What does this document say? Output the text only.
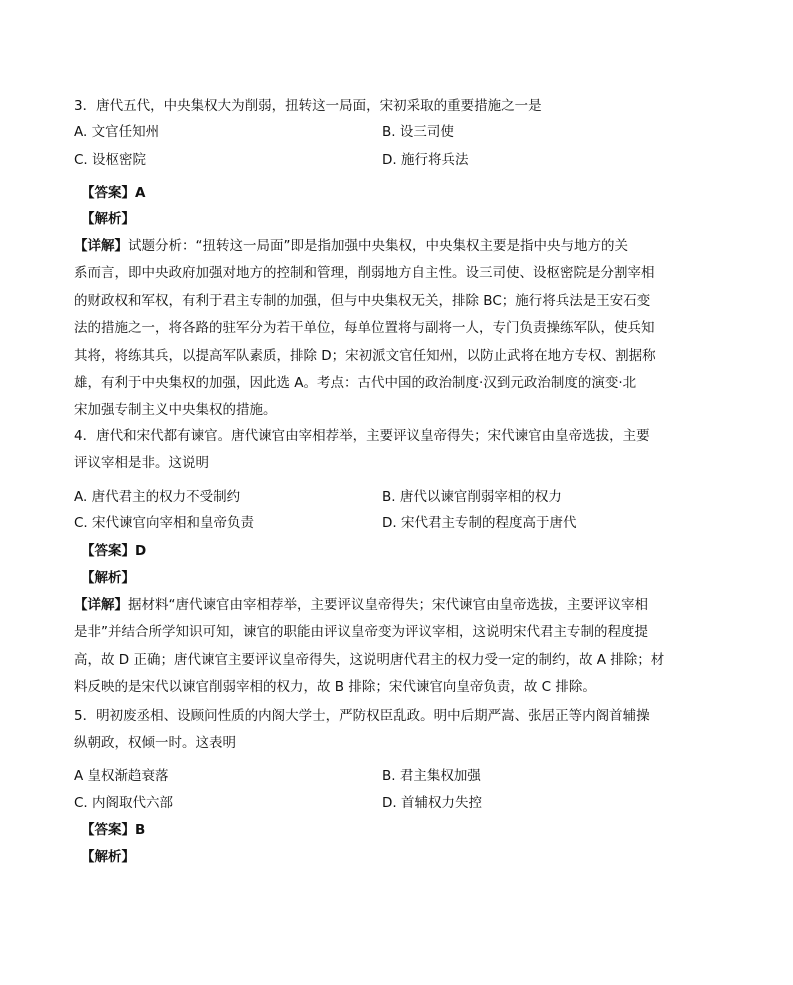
3．唐代五代，中央集权大为削弱，扭转这一局面，宋初采取的重要措施之一是
A. 文官任知州	B. 设三司使
C. 设枢密院	D. 施行将兵法
【答案】A
【解析】
【详解】试题分析：“扭转这一局面”即是指加强中央集权，中央集权主要是指中央与地方的关
系而言，即中央政府加强对地方的控制和管理，削弱地方自主性。设三司使、设枢密院是分割宰相
的财政权和军权，有利于君主专制的加强，但与中央集权无关，排除 BC；施行将兵法是王安石变
法的措施之一，将各路的驻军分为若干单位，每单位置将与副将一人，专门负责操练军队，使兵知
其将，将练其兵，以提高军队素质，排除 D；宋初派文官任知州，以防止武将在地方专权、割据称
雄，有利于中央集权的加强，因此选 A。考点：古代中国的政治制度·汉到元政治制度的演变·北
宋加强专制主义中央集权的措施。
4．唐代和宋代都有谏官。唐代谏官由宰相荐举，主要评议皇帝得失；宋代谏官由皇帝选拔，主要
评议宰相是非。这说明
A. 唐代君主的权力不受制约	B. 唐代以谏官削弱宰相的权力
C. 宋代谏官向宰相和皇帝负责	D. 宋代君主专制的程度高于唐代
【答案】D
【解析】
【详解】据材料“唐代谏官由宰相荐举，主要评议皇帝得失；宋代谏官由皇帝选拔，主要评议宰相
是非”并结合所学知识可知，谏官的职能由评议皇帝变为评议宰相，这说明宋代君主专制的程度提
高，故 D 正确；唐代谏官主要评议皇帝得失，这说明唐代君主的权力受一定的制约，故 A 排除；材
料反映的是宋代以谏官削弱宰相的权力，故 B 排除；宋代谏官向皇帝负责，故 C 排除。
5．明初废丞相、设顾问性质的内阁大学士，严防权臣乱政。明中后期严嵩、张居正等内阁首辅操
纵朝政，权倾一时。这表明
A 皇权渐趋衰落	B. 君主集权加强
C. 内阁取代六部	D. 首辅权力失控
【答案】B
【解析】
